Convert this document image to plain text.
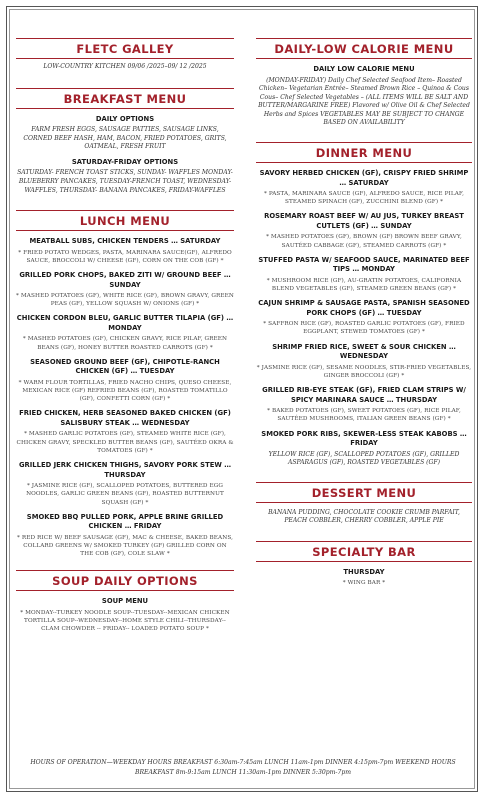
FLETC GALLEY

LOW-COUNTRY KITCHEN 09/06 /2025–09/ 12 /2025

BREAKFAST MENU
DAILY OPTIONS

FARM FRESH EGGS, SAUSAGE PATTIES, SAUSAGE LINKS, CORNED BEEF HASH, HAM, BACON, FRIED POTATOES, GRITS, OATMEAL, FRESH FRUIT

SATURDAY-FRIDAY OPTIONS

SATURDAY- FRENCH TOAST STICKS, SUNDAY- WAFFLES MONDAY- BLUEBERRY PANCAKES, TUESDAY-FRENCH TOAST, WEDNESDAY- WAFFLES, THURSDAY- BANANA PANCAKES, FRIDAY-WAFFLES

LUNCH MENU
MEATBALL SUBS, CHICKEN TENDERS … SATURDAY

* FRIED POTATO WEDGES, PASTA, MARINARA SAUCE(GF), ALFREDO SAUCE, BROCCOLI W/ CHEESE (GF), CORN ON THE COB (GF) *

GRILLED PORK CHOPS, BAKED ZITI W/ GROUND BEEF … SUNDAY

* MASHED POTATOES (GF), WHITE RICE (GF), BROWN GRAVY, GREEN PEAS (GF), YELLOW SQUASH W/ ONIONS (GF) *

CHICKEN CORDON BLEU, GARLIC BUTTER TILAPIA (GF) … MONDAY

* MASHED POTATOES (GF), CHICKEN GRAVY, RICE PILAF, GREEN BEANS (GF), HONEY BUTTER ROASTED CARROTS (GF) *

SEASONED GROUND BEEF (GF), CHIPOTLE-RANCH CHICKEN (GF) … TUESDAY

* WARM FLOUR TORTILLAS, FRIED NACHO CHIPS, QUESO CHEESE, MEXICAN RICE (GF) REFRIED BEANS (GF), ROASTED TOMATILLO (GF), CONFETTI CORN (GF) *

FRIED CHICKEN, HERB SEASONED BAKED CHICKEN (GF) SALISBURY STEAK … WEDNESDAY

* MASHED GARLIC POTATOES (GF), STEAMED WHITE RICE (GF), CHICKEN GRAVY, SPECKLED BUTTER BEANS (GF), SAUTÉED OKRA & TOMATOES (GF) *

GRILLED JERK CHICKEN THIGHS, SAVORY PORK STEW … THURSDAY

* JASMINE RICE (GF), SCALLOPED POTATOES, BUTTERED EGG NOODLES, GARLIC GREEN BEANS (GF), ROASTED BUTTERNUT SQUASH (GF) *

SMOKED BBQ PULLED PORK, APPLE BRINE GRILLED CHICKEN … FRIDAY

* RED RICE W/ BEEF SAUSAGE (GF), MAC & CHEESE, BAKED BEANS, COLLARD GREENS W/ SMOKED TURKEY (GF) GRILLED CORN ON THE COB (GF), COLE SLAW *

SOUP DAILY OPTIONS
SOUP MENU

* MONDAY--TURKEY NOODLE SOUP--TUESDAY--MEXICAN CHICKEN TORTILLA SOUP--WEDNESDAY--HOME STYLE CHILI--THURSDAY--CLAM CHOWDER -- FRIDAY-- LOADED POTATO SOUP *

DAILY-LOW CALORIE MENU
DAILY LOW CALORIE MENU

(MONDAY-FRIDAY) Daily Chef Selected Seafood Item– Roasted Chicken– Vegetarian Entrée– Steamed Brown Rice – Quinoa & Cous Cous– Chef Selected Vegetables – (ALL ITEMS WILL BE SALT AND BUTTER/MARGARINE FREE) Flavored w/ Olive Oil & Chef Selected Herbs and Spices VEGETABLES MAY BE SUBJECT TO CHANGE BASED ON AVAILABILITY

DINNER MENU
SAVORY HERBED CHICKEN (GF), CRISPY FRIED SHRIMP … SATURDAY

* PASTA, MARINARA SAUCE (GF), ALFREDO SAUCE, RICE PILAF, STEAMED SPINACH (GF), ZUCCHINI BLEND (GF) *

ROSEMARY ROAST BEEF W/ AU JUS, TURKEY BREAST CUTLETS (GF) … SUNDAY

* MASHED POTATOES (GF), BROWN (GF) BROWN BEEF GRAVY, SAUTÉED CABBAGE (GF), STEAMED CARROTS (GF) *

STUFFED PASTA W/ SEAFOOD SAUCE, MARINATED BEEF TIPS … MONDAY

* MUSHROOM RICE (GF), AU-GRATIN POTATOES, CALIFORNIA BLEND VEGETABLES (GF), STEAMED GREEN BEANS (GF) *

CAJUN SHRIMP & SAUSAGE PASTA, SPANISH SEASONED PORK CHOPS (GF) … TUESDAY

* SAFFRON RICE (GF), ROASTED GARLIC POTATOES (GF), FRIED EGGPLANT, STEWED TOMATOES (GF) *

SHRIMP FRIED RICE, SWEET & SOUR CHICKEN … WEDNESDAY

* JASMINE RICE (GF), SESAME NOODLES, STIR-FRIED VEGETABLES, GINGER BROCCOLI (GF) *

GRILLED RIB-EYE STEAK (GF), FRIED CLAM STRIPS W/ SPICY MARINARA SAUCE … THURSDAY

* BAKED POTATOES (GF), SWEET POTATOES (GF), RICE PILAF, SAUTÉED MUSHROOMS, ITALIAN GREEN BEANS (GF) *

SMOKED PORK RIBS, SKEWER-LESS STEAK KABOBS … FRIDAY

YELLOW RICE (GF), SCALLOPED POTATOES (GF), GRILLED ASPARAGUS (GF), ROASTED VEGETABLES (GF)

DESSERT MENU

BANANA PUDDING, CHOCOLATE COOKIE CRUMB PARFAIT, PEACH COBBLER, CHERRY COBBLER, APPLE PIE

SPECIALTY BAR
THURSDAY

* WING BAR *

HOURS OF OPERATION—WEEKDAY HOURS BREAKFAST 6:30am-7:45am LUNCH 11am-1pm DINNER 4:15pm-7pm WEEKEND HOURS BREAKFAST 8m-9:15am LUNCH 11:30am-1pm DINNER 5:30pm-7pm
